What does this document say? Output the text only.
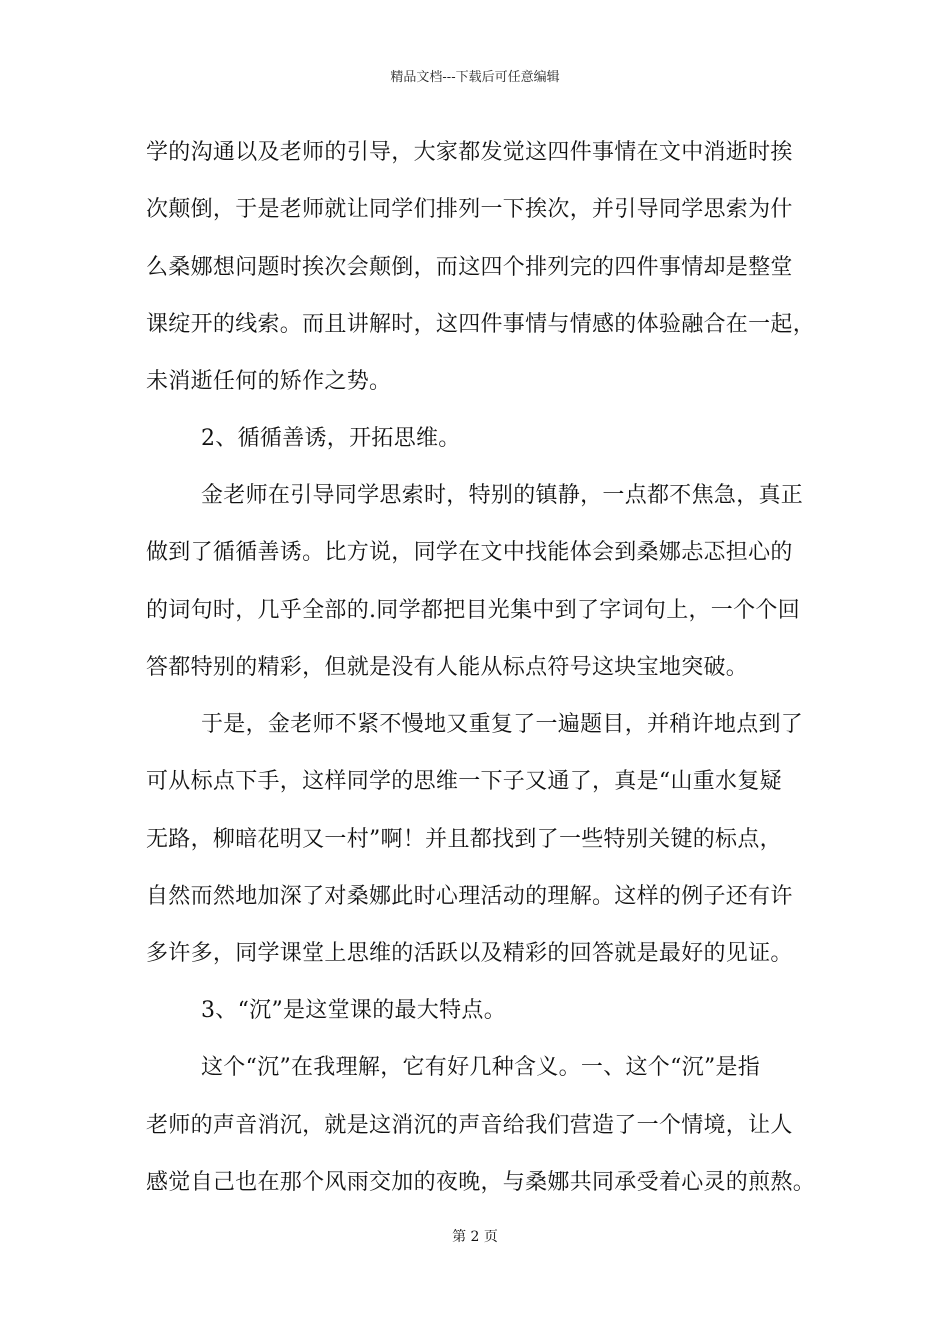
精品文档---下载后可任意编辑
学的沟通以及老师的引导，大家都发觉这四件事情在文中消逝时挨
次颠倒，于是老师就让同学们排列一下挨次，并引导同学思索为什
么桑娜想问题时挨次会颠倒，而这四个排列完的四件事情却是整堂
课绽开的线索。而且讲解时，这四件事情与情感的体验融合在一起，
未消逝任何的矫作之势。
2、循循善诱，开拓思维。
金老师在引导同学思索时，特别的镇静，一点都不焦急，真正
做到了循循善诱。比方说，同学在文中找能体会到桑娜忐忑担心的
的词句时，几乎全部的.同学都把目光集中到了字词句上，一个个回
答都特别的精彩，但就是没有人能从标点符号这块宝地突破。
于是，金老师不紧不慢地又重复了一遍题目，并稍许地点到了
可从标点下手，这样同学的思维一下子又通了，真是“山重水复疑
无路，柳暗花明又一村”啊！并且都找到了一些特别关键的标点，
自然而然地加深了对桑娜此时心理活动的理解。这样的例子还有许
多许多，同学课堂上思维的活跃以及精彩的回答就是最好的见证。
3、“沉”是这堂课的最大特点。
这个“沉”在我理解，它有好几种含义。一、这个“沉”是指
老师的声音消沉，就是这消沉的声音给我们营造了一个情境，让人
感觉自己也在那个风雨交加的夜晚，与桑娜共同承受着心灵的煎熬。
第 2 页
